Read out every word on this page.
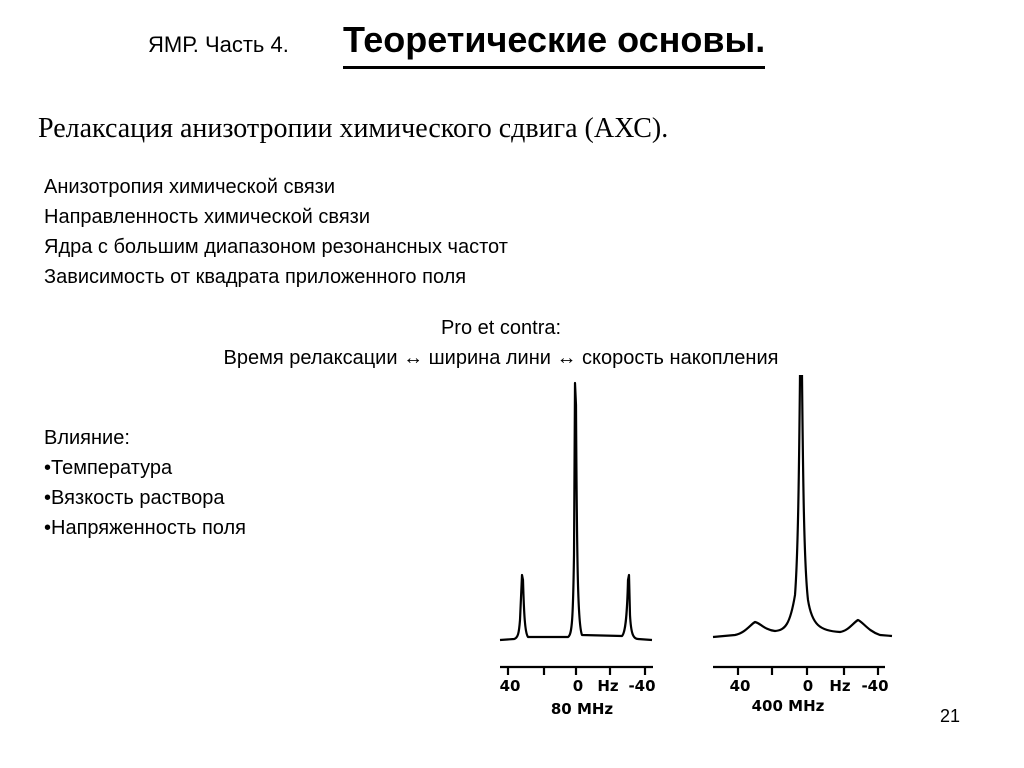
ЯМР. Часть 4. Теоретические основы.
Релаксация анизотропии химического сдвига (АХС).
Анизотропия химической связи
Направленность химической связи
Ядра с большим диапазоном резонансных частот
Зависимость от квадрата приложенного поля
Pro et contra:
Время релаксации ↔ ширина лини ↔ скорость накопления
Влияние:
•Температура
•Вязкость раствора
•Напряженность поля
40	0 Hz -40
80 MHz
40	0 Hz -40
400 MHz	21
